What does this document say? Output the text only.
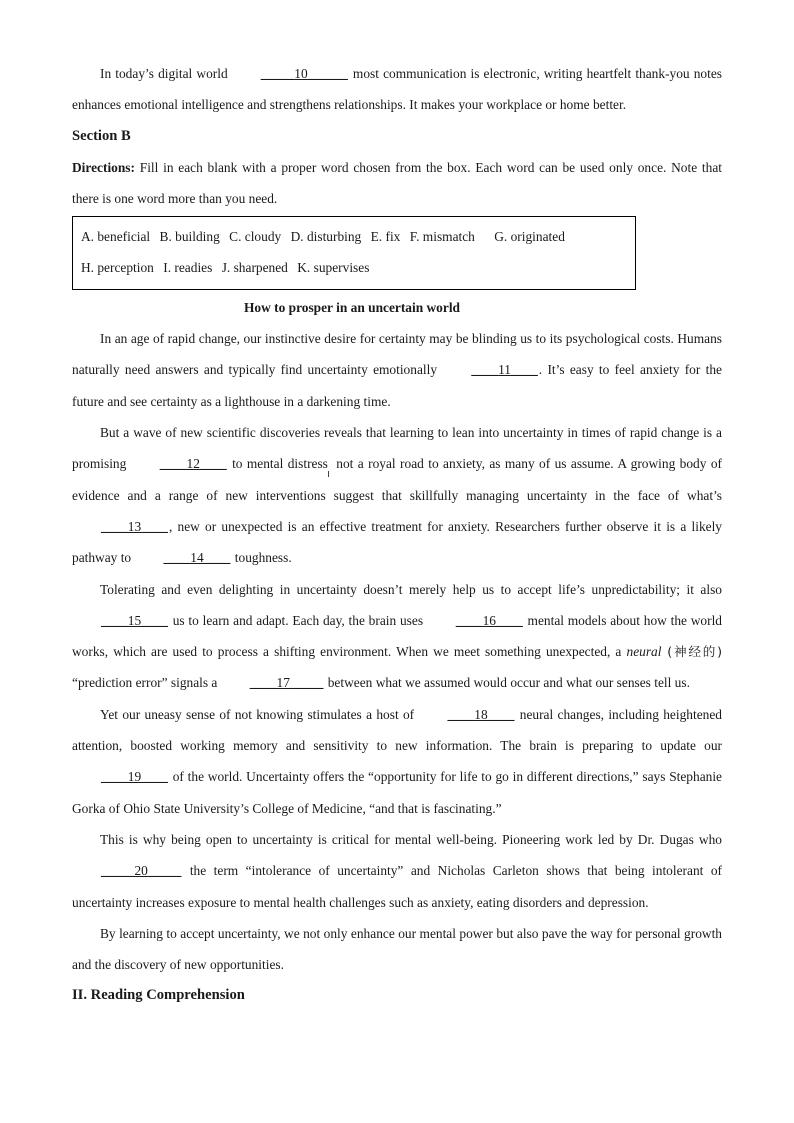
In today’s digital world _____10______ most communication is electronic, writing heartfelt thank-you notes enhances emotional intelligence and strengthens relationships. It makes your workplace or home better.

Section B

Directions: Fill in each blank with a proper word chosen from the box. Each word can be used only once. Note that there is one word more than you need.

A. beneficial B. building C. cloudy D. disturbing E. fix F. mismatch G. originated
H. perception I. readies J. sharpened K. supervises

How to prosper in an uncertain world

In an age of rapid change, our instinctive desire for certainty may be blinding us to its psychological costs. Humans naturally need answers and typically find uncertainty emotionally ____11____. It’s easy to feel anxiety for the future and see certainty as a lighthouse in a darkening time.

But a wave of new scientific discoveries reveals that learning to lean into uncertainty in times of rapid change is a promising ____12____ to mental distress not a royal road to anxiety, as many of us assume. A growing body of evidence and a range of new interventions suggest that skillfully managing uncertainty in the face of what’s ____13____, new or unexpected is an effective treatment for anxiety. Researchers further observe it is a likely pathway to ____14____ toughness.

Tolerating and even delighting in uncertainty doesn’t merely help us to accept life’s unpredictability; it also ____15____ us to learn and adapt. Each day, the brain uses ____16____ mental models about how the world works, which are used to process a shifting environment. When we meet something unexpected, a neural (神经的) “prediction error” signals a ____17_____ between what we assumed would occur and what our senses tell us.

Yet our uneasy sense of not knowing stimulates a host of ____18____ neural changes, including heightened attention, boosted working memory and sensitivity to new information. The brain is preparing to update our ____19____ of the world. Uncertainty offers the “opportunity for life to go in different directions,” says Stephanie Gorka of Ohio State University’s College of Medicine, “and that is fascinating.”

This is why being open to uncertainty is critical for mental well-being. Pioneering work led by Dr. Dugas who _____20_____ the term “intolerance of uncertainty” and Nicholas Carleton shows that being intolerant of uncertainty increases exposure to mental health challenges such as anxiety, eating disorders and depression.

By learning to accept uncertainty, we not only enhance our mental power but also pave the way for personal growth and the discovery of new opportunities.

II. Reading Comprehension
